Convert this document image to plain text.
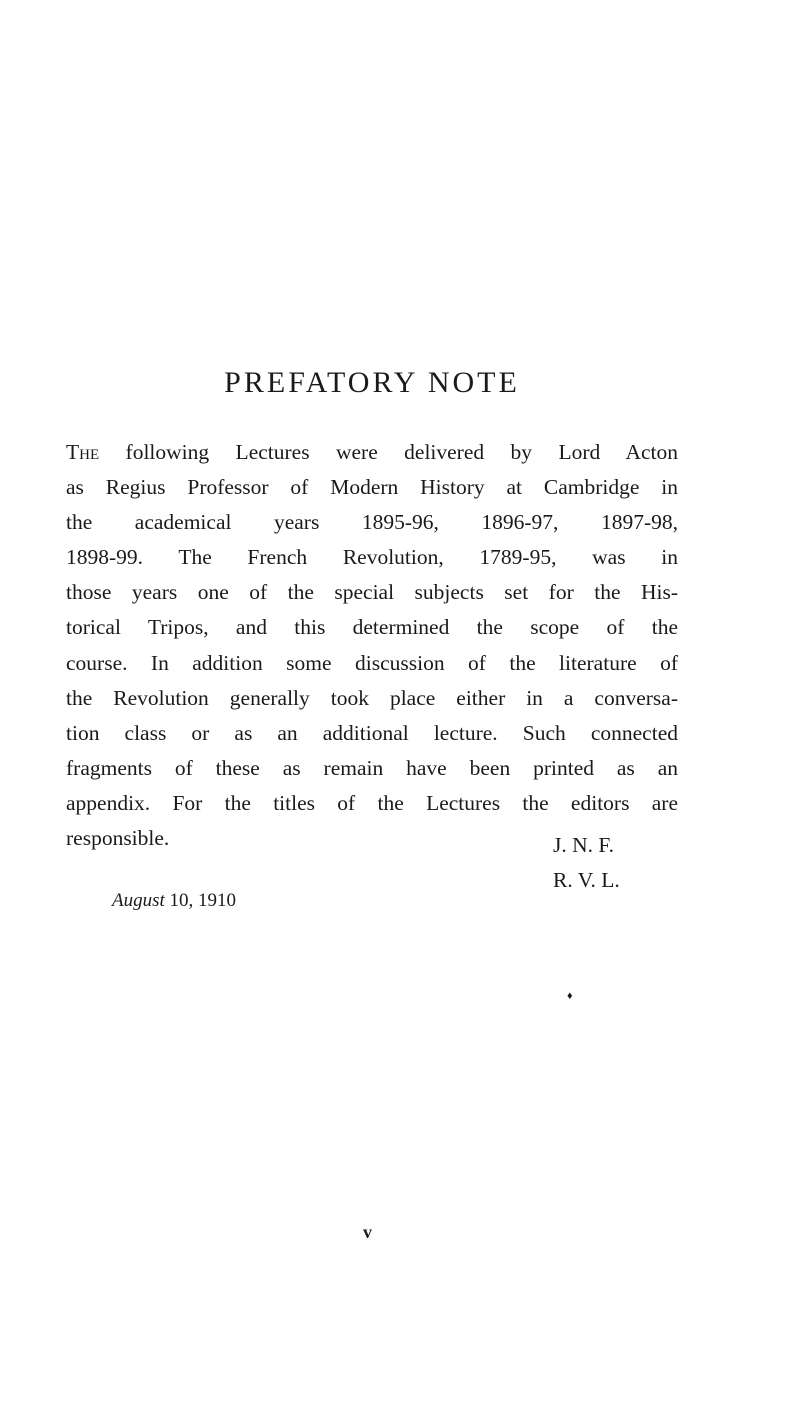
PREFATORY NOTE

The following Lectures were delivered by Lord Acton
as Regius Professor of Modern History at Cambridge in
the academical years 1895-96, 1896-97, 1897-98,
1898-99. The French Revolution, 1789-95, was in
those years one of the special subjects set for the His-
torical Tripos, and this determined the scope of the
course. In addition some discussion of the literature of
the Revolution generally took place either in a conversa-
tion class or as an additional lecture. Such connected
fragments of these as remain have been printed as an
appendix. For the titles of the Lectures the editors are
responsible.	J. N. F.
R. V. L.
August 10, 1910
♦
v
